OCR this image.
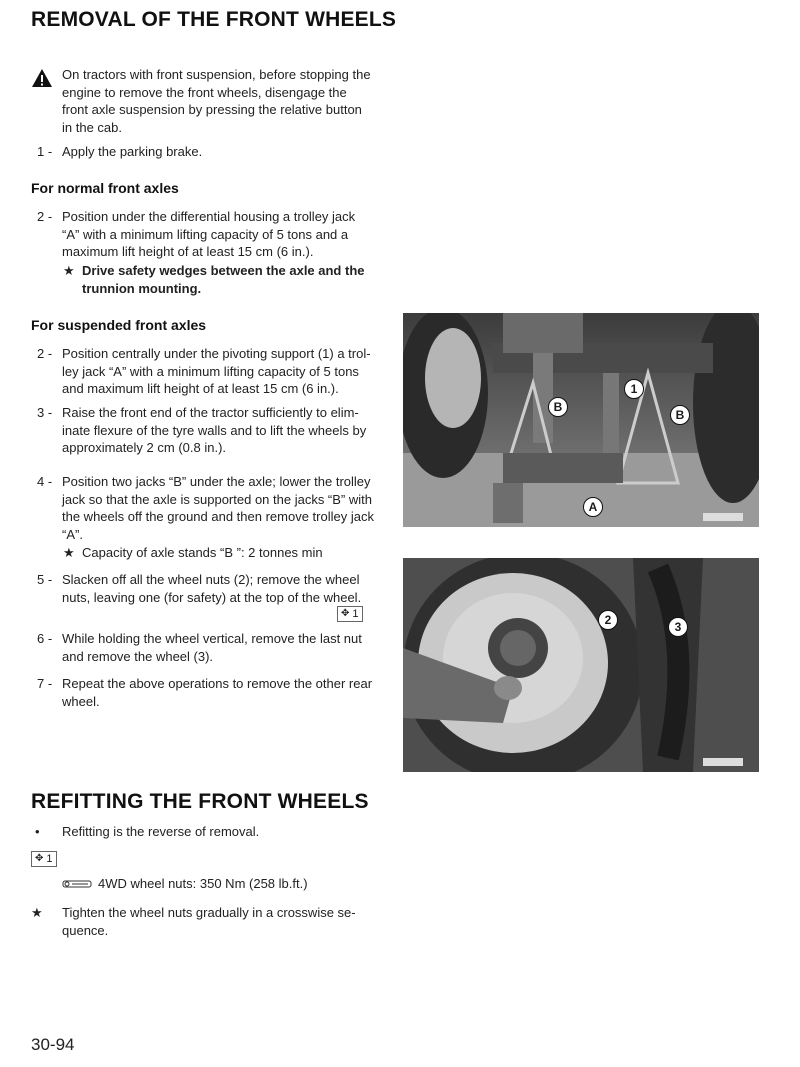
REMOVAL OF THE FRONT WHEELS
On tractors with front suspension, before stopping the
engine to remove the front wheels, disengage the
front axle suspension by pressing the relative button
in the cab.
1 - Apply the parking brake.
For normal front axles
2 - Position under the differential housing a trolley jack
“A” with a minimum lifting capacity of 5 tons and a
maximum lift height of at least 15 cm (6 in.).
★ Drive safety wedges between the axle and the
trunnion mounting.
For suspended front axles
2 - Position centrally under the pivoting support (1) a trol-
ley jack “A” with a minimum lifting capacity of 5 tons
and maximum lift height of at least 15 cm (6 in.).
3 - Raise the front end of the tractor sufficiently to elim-
inate flexure of the tyre walls and to lift the wheels by
approximately 2 cm (0.8 in.).
4 - Position two jacks “B” under the axle; lower the trolley
jack so that the axle is supported on the jacks “B” with
the wheels off the ground and then remove trolley jack
“A”.
★ Capacity of axle stands “B ”: 2 tonnes min
5 - Slacken off all the wheel nuts (2); remove the wheel
nuts, leaving one (for safety) at the top of the wheel.
✥ 1
6 - While holding the wheel vertical, remove the last nut
and remove the wheel (3).
7 - Repeat the above operations to remove the other rear
wheel.
1
B
B
A
2	3
REFITTING THE FRONT WHEELS
• Refitting is the reverse of removal.
✥ 1
4WD wheel nuts: 350 Nm (258 lb.ft.)
★ Tighten the wheel nuts gradually in a crosswise se-
quence.
30-94
